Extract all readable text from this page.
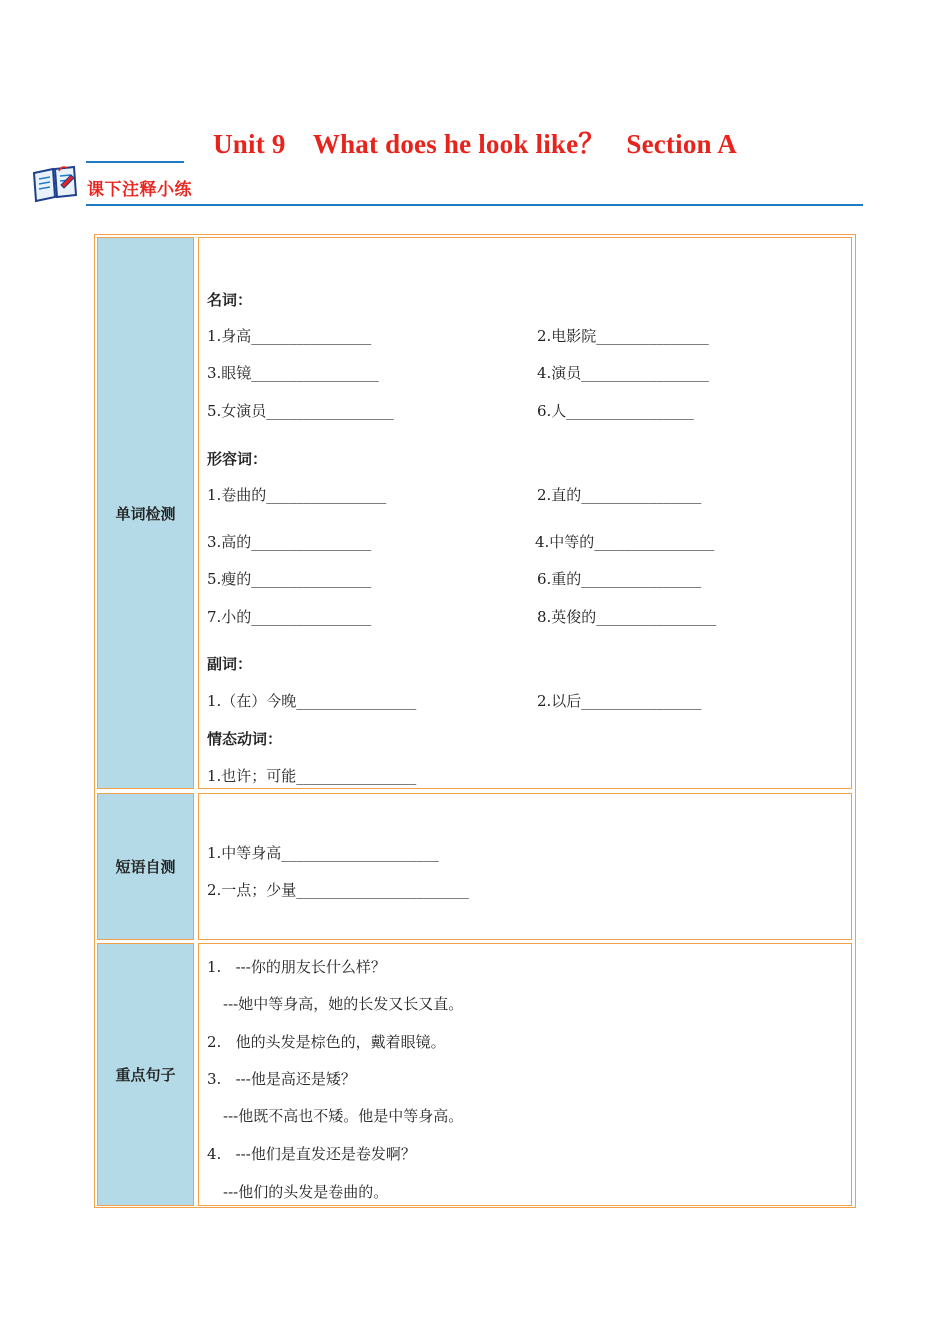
Unit 9    What does he look like？   Section A
课下注释小练
单词检测
名词：
1.身高________________	2.电影院_______________
3.眼镜_________________	4.演员_________________
5.女演员_________________	6.人_________________
形容词：
1.卷曲的________________	2.直的________________
3.高的________________	4.中等的________________
5.瘦的________________	6.重的________________
7.小的________________	8.英俊的________________
副词：
1.（在）今晚________________	2.以后________________
情态动词：
1.也许；可能________________
短语自测
1.中等身高_____________________
2.一点；少量_______________________
重点句子
1.   ---你的朋友长什么样？
---她中等身高，她的长发又长又直。
2.   他的头发是棕色的，戴着眼镜。
3.   ---他是高还是矮？
---他既不高也不矮。他是中等身高。
4.   ---他们是直发还是卷发啊？
---他们的头发是卷曲的。
